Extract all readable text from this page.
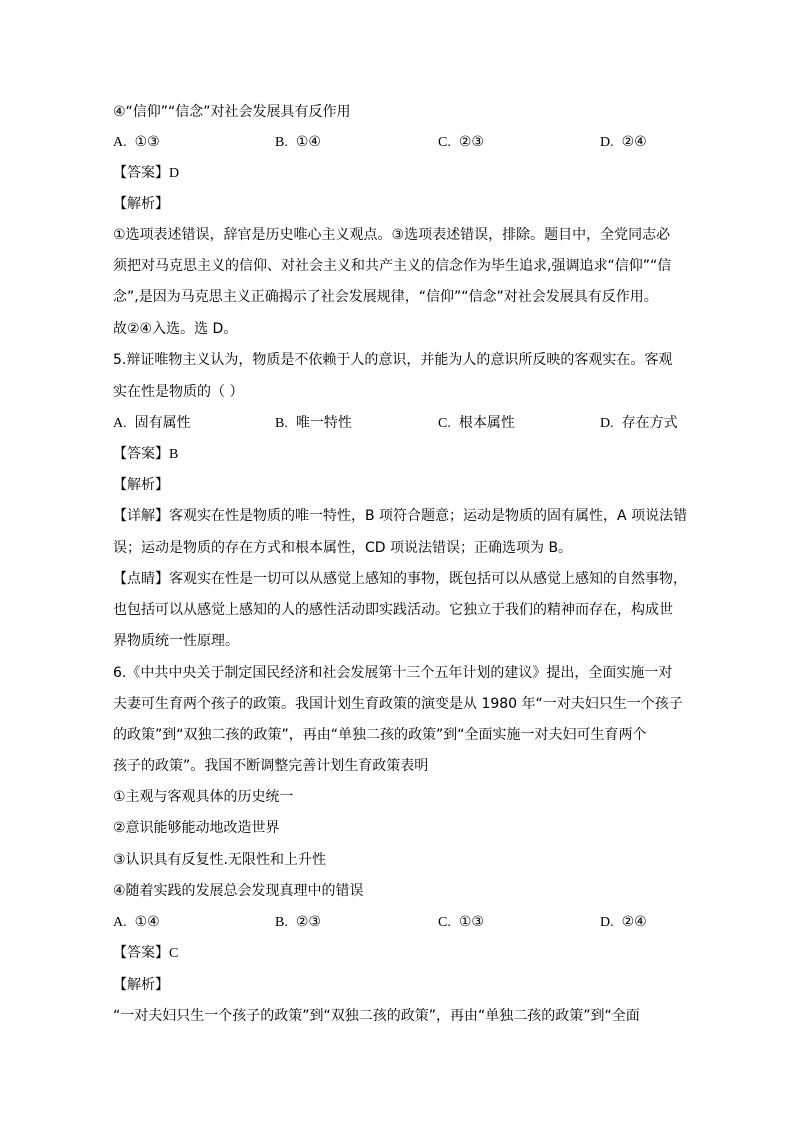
④“信仰”“信念”对社会发展具有反作用
A. ①③	B. ①④	C. ②③	D. ②④
【答案】D
【解析】
①选项表述错误，辞官是历史唯心主义观点。③选项表述错误，排除。题目中，全党同志必
须把对马克思主义的信仰、对社会主义和共产主义的信念作为毕生追求,强调追求“信仰”“信
念”,是因为马克思主义正确揭示了社会发展规律，“信仰”“信念”对社会发展具有反作用。
故②④入选。选 D。
5.辩证唯物主义认为，物质是不依赖于人的意识，并能为人的意识所反映的客观实在。客观
实在性是物质的（ ）
A. 固有属性	B. 唯一特性	C. 根本属性	D. 存在方式
【答案】B
【解析】
【详解】客观实在性是物质的唯一特性，B 项符合题意；运动是物质的固有属性，A 项说法错
误；运动是物质的存在方式和根本属性，CD 项说法错误；正确选项为 B。
【点睛】客观实在性是一切可以从感觉上感知的事物，既包括可以从感觉上感知的自然事物，
也包括可以从感觉上感知的人的感性活动即实践活动。它独立于我们的精神而存在，构成世
界物质统一性原理。
6.《中共中央关于制定国民经济和社会发展第十三个五年计划的建议》提出，全面实施一对
夫妻可生育两个孩子的政策。我国计划生育政策的演变是从 1980 年“一对夫妇只生一个孩子
的政策”到“双独二孩的政策”，再由“单独二孩的政策”到“全面实施一对夫妇可生育两个
孩子的政策”。我国不断调整完善计划生育政策表明
①主观与客观具体的历史统一
②意识能够能动地改造世界
③认识具有反复性.无限性和上升性
④随着实践的发展总会发现真理中的错误
A. ①④	B. ②③	C. ①③	D. ②④
【答案】C
【解析】
“一对夫妇只生一个孩子的政策”到“双独二孩的政策”，再由“单独二孩的政策”到“全面
